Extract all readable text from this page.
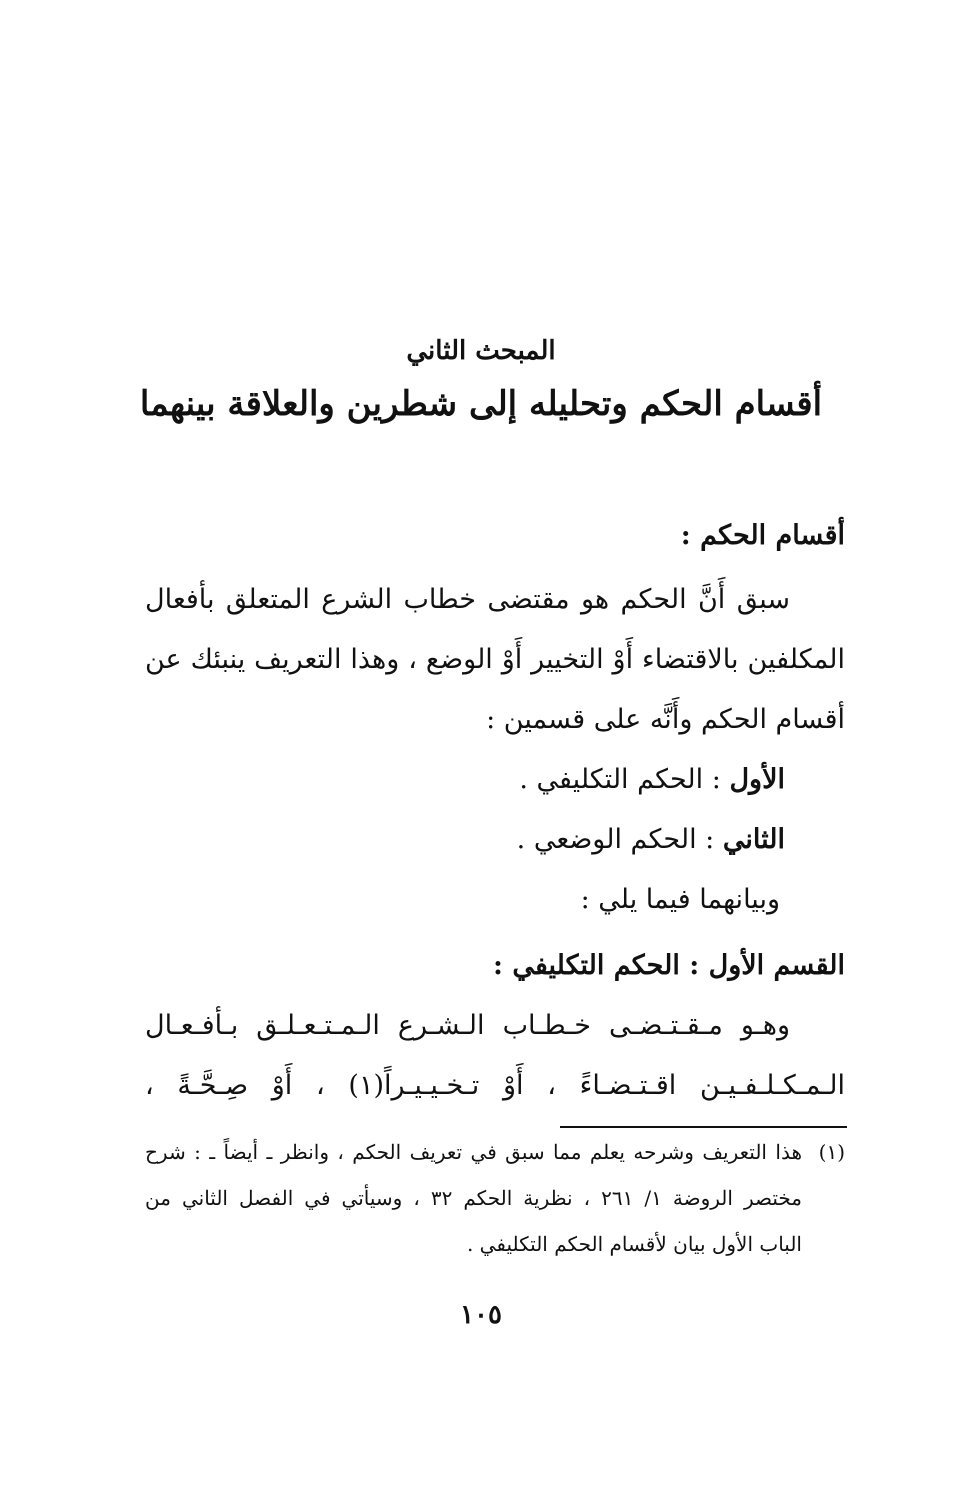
المبحث الثاني
أقسام الحكم وتحليله إلى شطرين والعلاقة بينهما
أقسام الحكم :
سبق أَنَّ الحكم هو مقتضى خطاب الشرع المتعلق بأفعال
المكلفين بالاقتضاء أَوْ التخيير أَوْ الوضع ، وهذا التعريف ينبئك عن
أقسام الحكم وأَنَّه على قسمين :
الأول : الحكم التكليفي .
الثاني : الحكم الوضعي .
وبيانهما فيما يلي :
القسم الأول : الحكم التكليفي :
وهـو مـقـتـضـى خـطـاب الـشـرع الـمـتـعـلـق بـأفـعـال
الـمـكـلـفـيـن اقـتـضـاءً ، أَوْ تـخـيـيـراً(١) ، أَوْ صِـحَّـةً ،
(١)
هذا التعريف وشرحه يعلم مما سبق في تعريف الحكم ، وانظر ـ أيضاً ـ : شرح
مختصر الروضة ١/ ٢٦١ ، نظرية الحكم ٣٢ ، وسيأتي في الفصل الثاني من
الباب الأول بيان لأقسام الحكم التكليفي .
١٠٥
